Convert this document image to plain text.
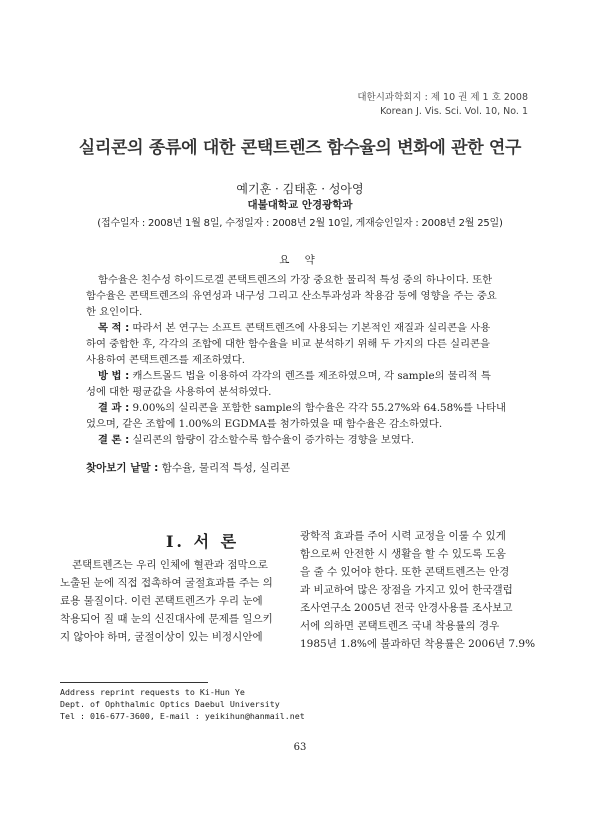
대한시과학회지 : 제 10 권 제 1 호 2008
Korean J. Vis. Sci. Vol. 10, No. 1
실리콘의 종류에 대한 콘택트렌즈 함수율의 변화에 관한 연구
예기훈 · 김태훈 · 성아영
대불대학교 안경광학과
(접수일자 : 2008년 1월 8일, 수정일자 : 2008년 2월 10일, 게재승인일자 : 2008년 2월 25일)
요 약
함수율은 친수성 하이드로겔 콘택트렌즈의 가장 중요한 물리적 특성 중의 하나이다. 또한
함수율은 콘택트렌즈의 유연성과 내구성 그리고 산소투과성과 착용감 등에 영향을 주는 중요
한 요인이다.
목 적 : 따라서 본 연구는 소프트 콘택트렌즈에 사용되는 기본적인 재질과 실리콘을 사용
하여 중합한 후, 각각의 조합에 대한 함수율을 비교 분석하기 위해 두 가지의 다른 실리콘을
사용하여 콘택트렌즈를 제조하였다.
방 법 : 캐스트몰드 법을 이용하여 각각의 렌즈를 제조하였으며, 각 sample의 물리적 특
성에 대한 평균값을 사용하여 분석하였다.
결 과 : 9.00%의 실리콘을 포함한 sample의 함수율은 각각 55.27%와 64.58%를 나타내
었으며, 같은 조합에 1.00%의 EGDMA를 첨가하였을 때 함수율은 감소하였다.
결 론 : 실리콘의 함량이 감소할수록 함수율이 증가하는 경향을 보였다.
찾아보기 낱말 : 함수율, 물리적 특성, 실리콘
Ⅰ. 서 론
콘택트렌즈는 우리 인체에 혈관과 점막으로
노출된 눈에 직접 접촉하여 굴절효과를 주는 의
료용 물질이다. 이런 콘택트렌즈가 우리 눈에
착용되어 질 때 눈의 신진대사에 문제를 일으키
지 않아야 하며, 굴절이상이 있는 비정시안에
광학적 효과를 주어 시력 교정을 이룰 수 있게
함으로써 안전한 시 생활을 할 수 있도록 도움
을 줄 수 있어야 한다. 또한 콘택트렌즈는 안경
과 비교하여 많은 장점을 가지고 있어 한국갤럽
조사연구소 2005년 전국 안경사용를 조사보고
서에 의하면 콘택트렌즈 국내 착용률의 경우
1985년 1.8%에 불과하던 착용률은 2006년 7.9%
Address reprint requests to Ki-Hun Ye
Dept. of Ophthalmic Optics Daebul University
Tel : 016-677-3600, E-mail : yeikihun@hanmail.net
63
